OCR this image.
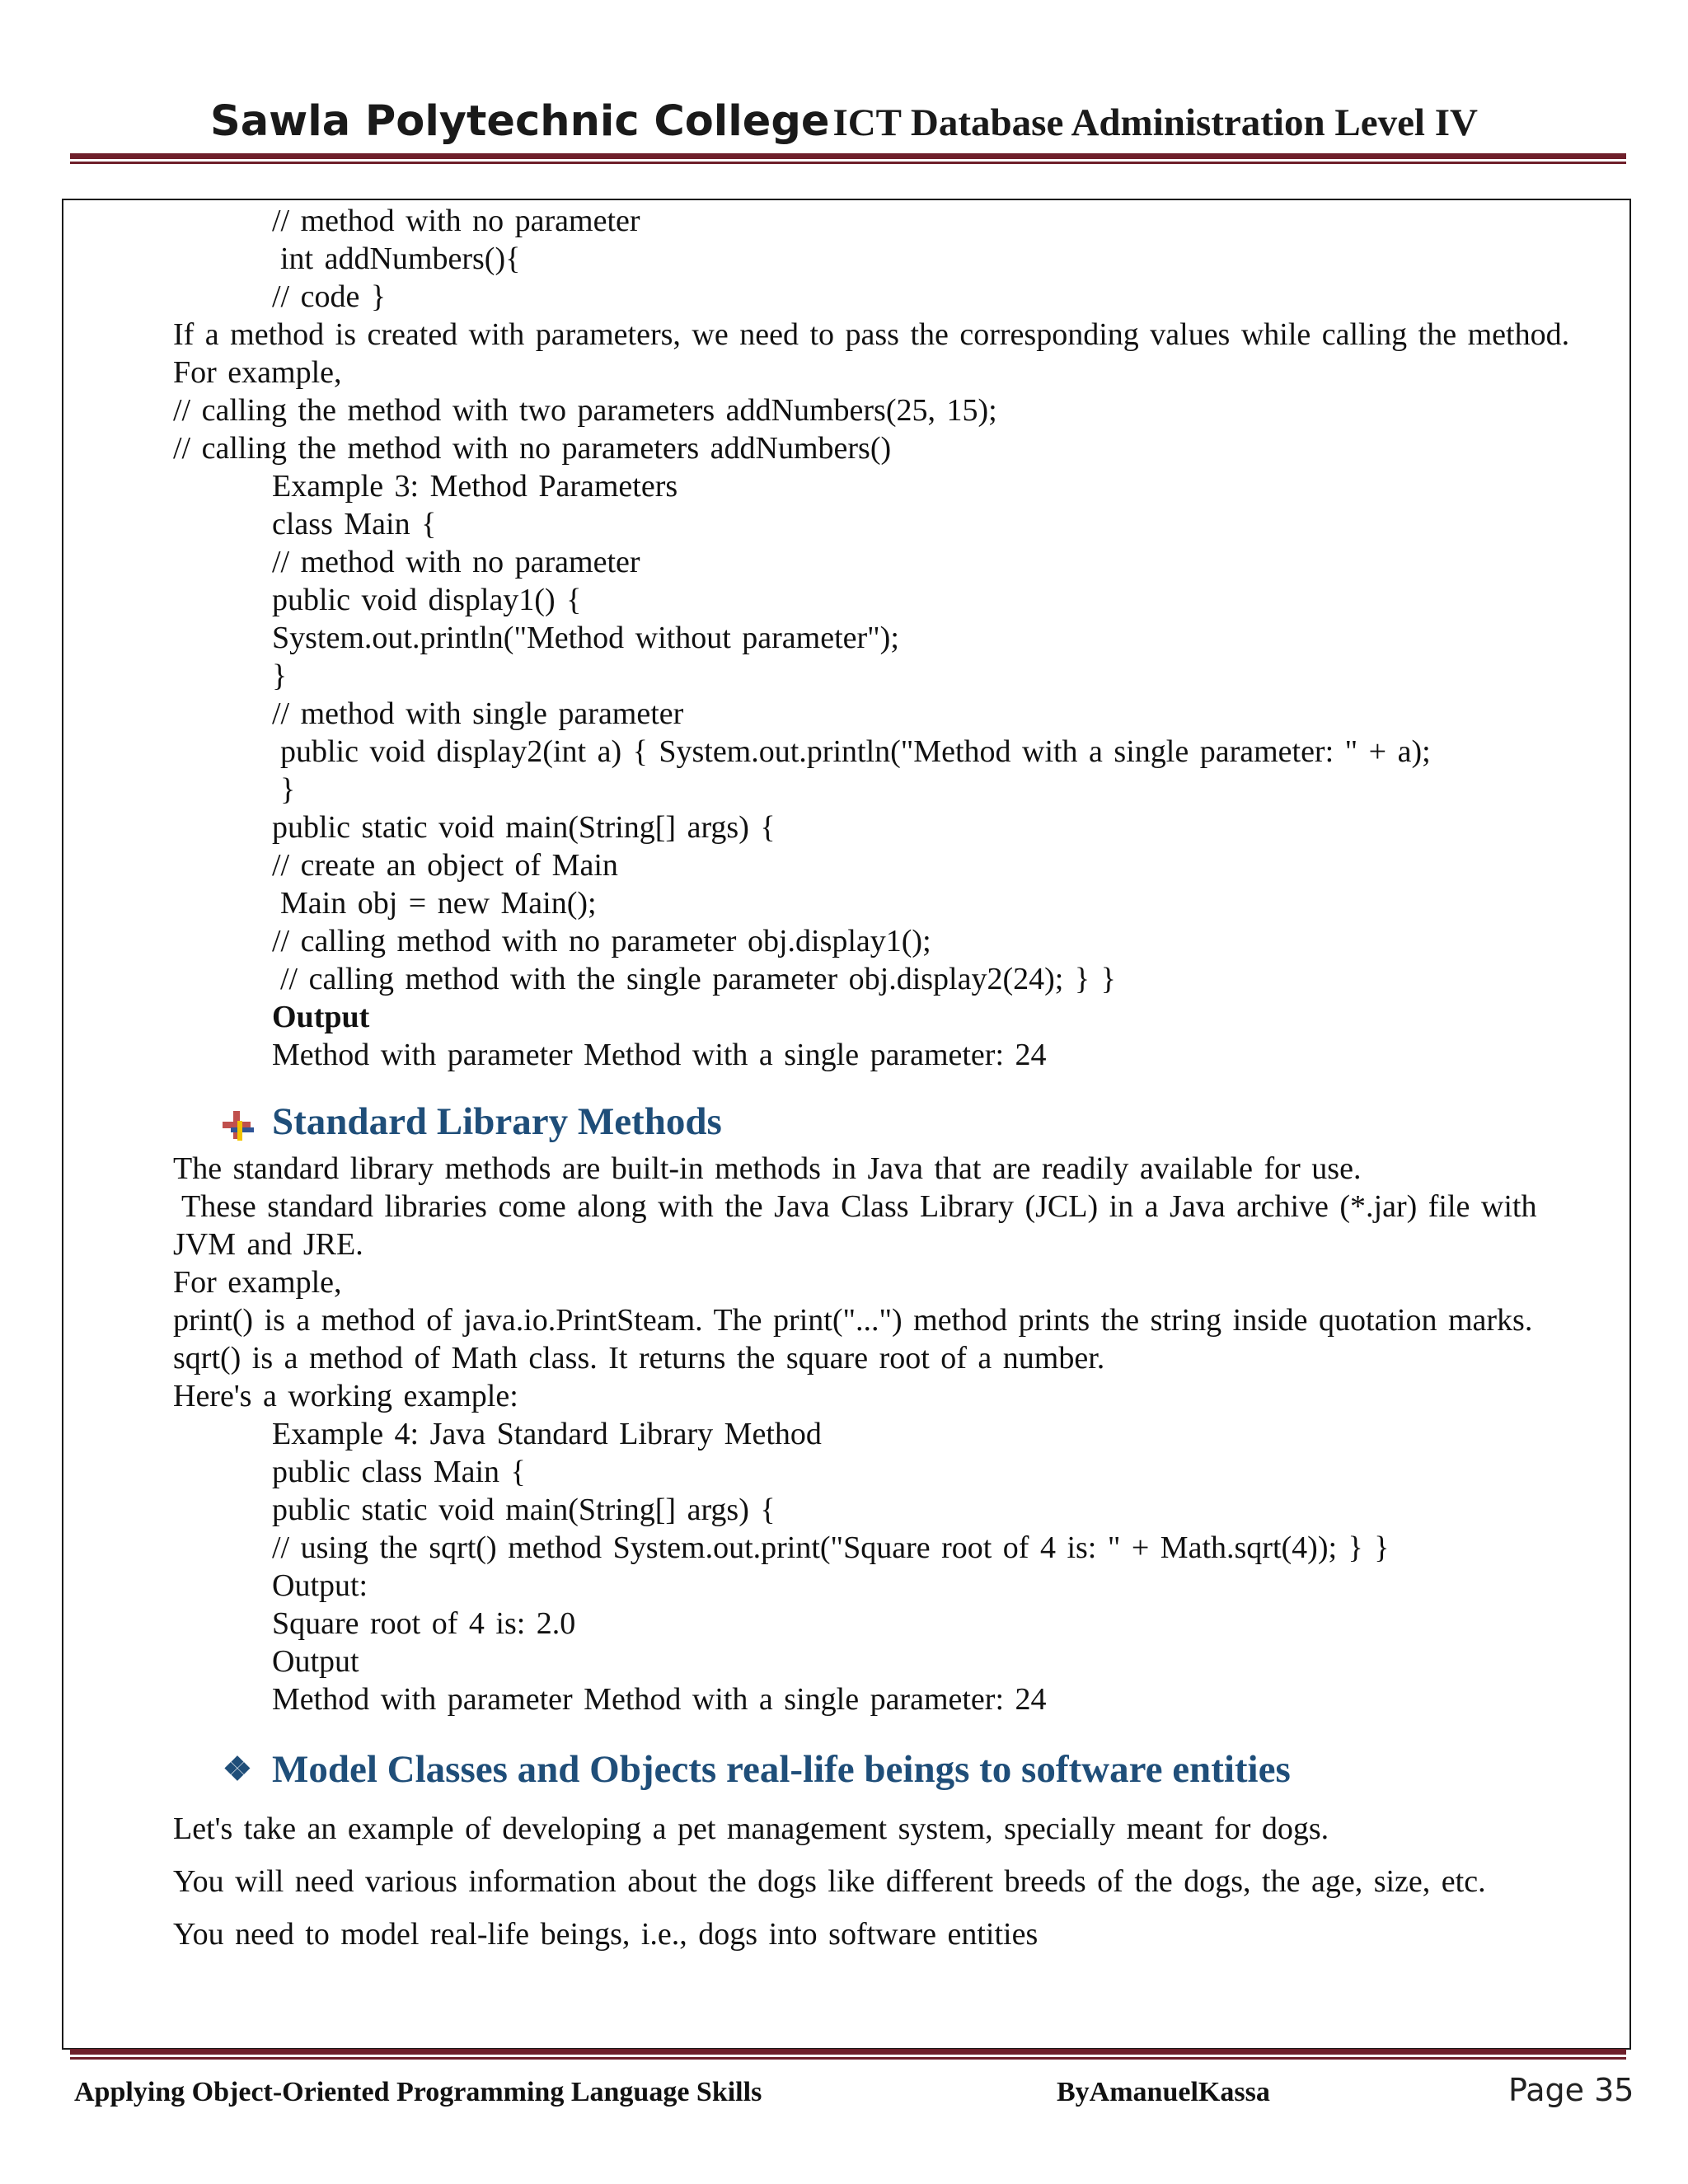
Sawla Polytechnic College ICT Database Administration Level IV
// method with no parameter
int addNumbers(){
// code }
If a method is created with parameters, we need to pass the corresponding values while calling the method.
For example,
// calling the method with two parameters addNumbers(25, 15);
// calling the method with no parameters addNumbers()
Example 3: Method Parameters
class Main {
// method with no parameter
public void display1() {
System.out.println("Method without parameter");
}
// method with single parameter
public void display2(int a) { System.out.println("Method with a single parameter: " + a);
}
public static void main(String[] args) {
// create an object of Main
Main obj = new Main();
// calling method with no parameter obj.display1();
// calling method with the single parameter obj.display2(24); } }
Output
Method with parameter Method with a single parameter: 24
Standard Library Methods
The standard library methods are built-in methods in Java that are readily available for use.
These standard libraries come along with the Java Class Library (JCL) in a Java archive (*.jar) file with
JVM and JRE.
For example,
print() is a method of java.io.PrintSteam. The print("...") method prints the string inside quotation marks.
sqrt() is a method of Math class. It returns the square root of a number.
Here's a working example:
Example 4: Java Standard Library Method
public class Main {
public static void main(String[] args) {
// using the sqrt() method System.out.print("Square root of 4 is: " + Math.sqrt(4)); } }
Output:
Square root of 4 is: 2.0
Output
Method with parameter Method with a single parameter: 24
❖ Model Classes and Objects real-life beings to software entities
Let's take an example of developing a pet management system, specially meant for dogs.
You will need various information about the dogs like different breeds of the dogs, the age, size, etc.
You need to model real-life beings, i.e., dogs into software entities
Applying Object-Oriented Programming Language Skills	ByAmanuelKassa	Page 35
